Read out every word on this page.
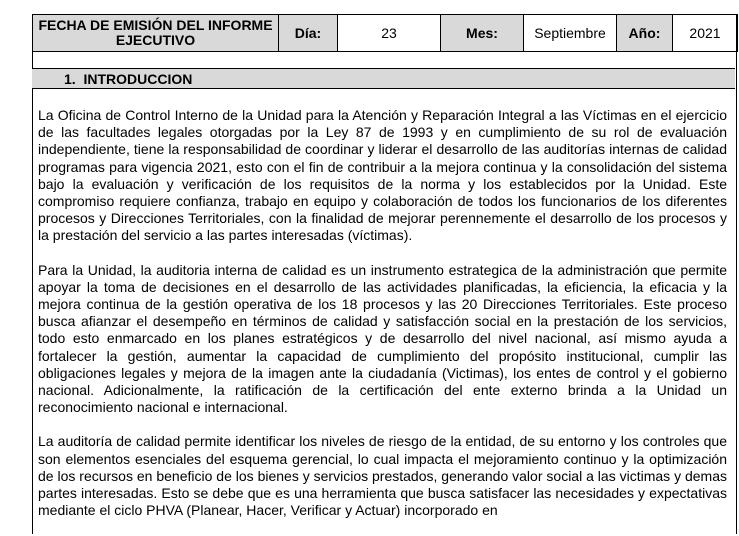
FECHA DE EMISIÓN DEL INFORME EJECUTIVO	Día:	23	Mes:	Septiembre	Año:	2021
1. INTRODUCCION

La Oficina de Control Interno de la Unidad para la Atención y Reparación Integral a las Víctimas en el ejercicio de las facultades legales otorgadas por la Ley 87 de 1993 y en cumplimiento de su rol de evaluación independiente, tiene la responsabilidad de coordinar y liderar el desarrollo de las auditorías internas de calidad programas para vigencia 2021, esto con el fin de contribuir a la mejora continua y la consolidación del sistema bajo la evaluación y verificación de los requisitos de la norma y los establecidos por la Unidad. Este compromiso requiere confianza, trabajo en equipo y colaboración de todos los funcionarios de los diferentes procesos y Direcciones Territoriales, con la finalidad de mejorar perennemente el desarrollo de los procesos y la prestación del servicio a las partes interesadas (víctimas).

Para la Unidad, la auditoria interna de calidad es un instrumento estrategica de la administración que permite apoyar la toma de decisiones en el desarrollo de las actividades planificadas, la eficiencia, la eficacia y la mejora continua de la gestión operativa de los 18 procesos y las 20 Direcciones Territoriales. Este proceso busca afianzar el desempeño en términos de calidad y satisfacción social en la prestación de los servicios, todo esto enmarcado en los planes estratégicos y de desarrollo del nivel nacional, así mismo ayuda a fortalecer la gestión, aumentar la capacidad de cumplimiento del propósito institucional, cumplir las obligaciones legales y mejora de la imagen ante la ciudadanía (Victimas), los entes de control y el gobierno nacional. Adicionalmente, la ratificación de la certificación del ente externo brinda a la Unidad un reconocimiento nacional e internacional.

La auditoría de calidad permite identificar los niveles de riesgo de la entidad, de su entorno y los controles que son elementos esenciales del esquema gerencial, lo cual impacta el mejoramiento continuo y la optimización de los recursos en beneficio de los bienes y servicios prestados, generando valor social a las victimas y demas partes interesadas. Esto se debe que es una herramienta que busca satisfacer las necesidades y expectativas mediante el ciclo PHVA (Planear, Hacer, Verificar y Actuar) incorporado en
